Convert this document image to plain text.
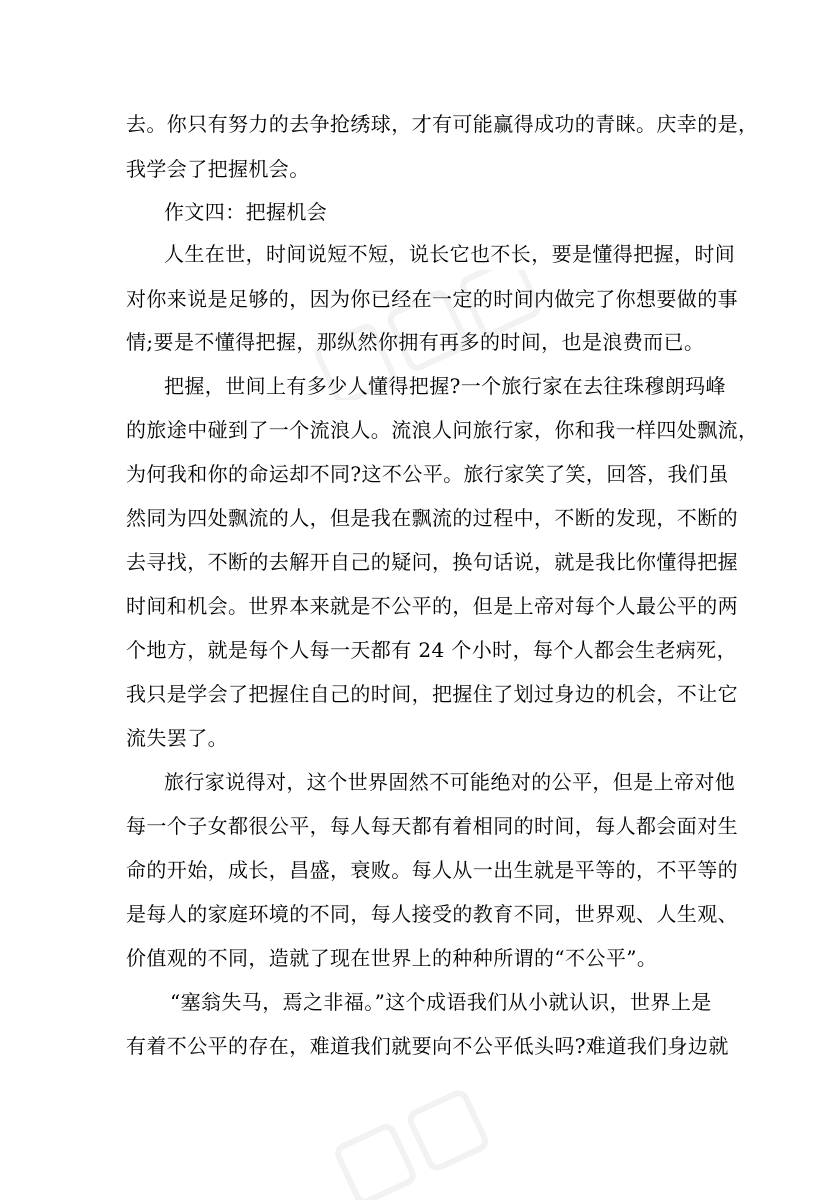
去。你只有努力的去争抢绣球，才有可能赢得成功的青睐。庆幸的是，
我学会了把握机会。
作文四：把握机会
人生在世，时间说短不短，说长它也不长，要是懂得把握，时间
对你来说是足够的，因为你已经在一定的时间内做完了你想要做的事
情;要是不懂得把握，那纵然你拥有再多的时间，也是浪费而已。
把握，世间上有多少人懂得把握?一个旅行家在去往珠穆朗玛峰
的旅途中碰到了一个流浪人。流浪人问旅行家，你和我一样四处飘流，
为何我和你的命运却不同?这不公平。旅行家笑了笑，回答，我们虽
然同为四处飘流的人，但是我在飘流的过程中，不断的发现，不断的
去寻找，不断的去解开自己的疑问，换句话说，就是我比你懂得把握
时间和机会。世界本来就是不公平的，但是上帝对每个人最公平的两
个地方，就是每个人每一天都有 24 个小时，每个人都会生老病死，
我只是学会了把握住自己的时间，把握住了划过身边的机会，不让它
流失罢了。
旅行家说得对，这个世界固然不可能绝对的公平，但是上帝对他
每一个子女都很公平，每人每天都有着相同的时间，每人都会面对生
命的开始，成长，昌盛，衰败。每人从一出生就是平等的，不平等的
是每人的家庭环境的不同，每人接受的教育不同，世界观、人生观、
价值观的不同，造就了现在世界上的种种所谓的“不公平”。
“塞翁失马，焉之非福。”这个成语我们从小就认识，世界上是
有着不公平的存在，难道我们就要向不公平低头吗?难道我们身边就
